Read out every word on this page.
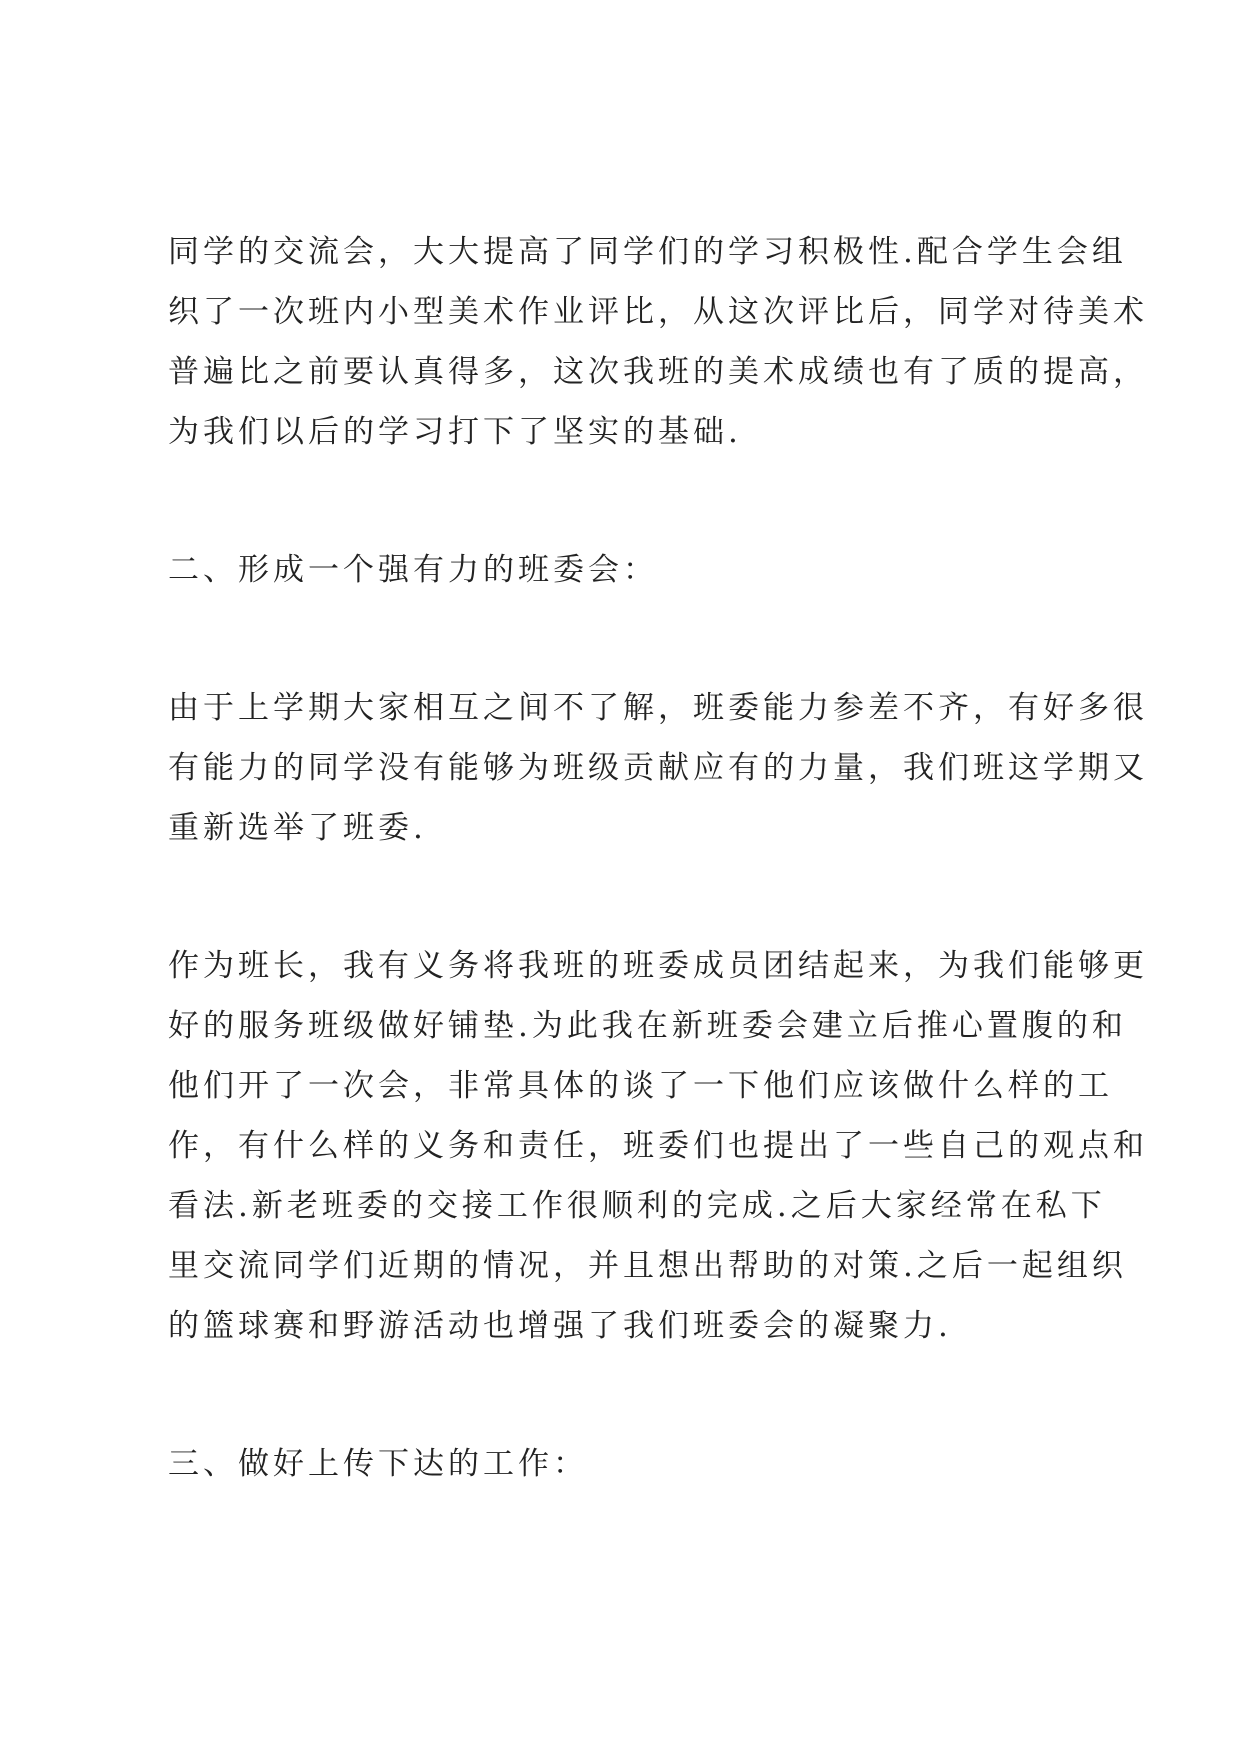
同学的交流会，大大提高了同学们的学习积极性.配合学生会组
织了一次班内小型美术作业评比，从这次评比后，同学对待美术
普遍比之前要认真得多，这次我班的美术成绩也有了质的提高，
为我们以后的学习打下了坚实的基础.

二、形成一个强有力的班委会：

由于上学期大家相互之间不了解，班委能力参差不齐，有好多很
有能力的同学没有能够为班级贡献应有的力量，我们班这学期又
重新选举了班委.

作为班长，我有义务将我班的班委成员团结起来，为我们能够更
好的服务班级做好铺垫.为此我在新班委会建立后推心置腹的和
他们开了一次会，非常具体的谈了一下他们应该做什么样的工
作，有什么样的义务和责任，班委们也提出了一些自己的观点和
看法.新老班委的交接工作很顺利的完成.之后大家经常在私下
里交流同学们近期的情况，并且想出帮助的对策.之后一起组织
的篮球赛和野游活动也增强了我们班委会的凝聚力.

三、做好上传下达的工作：
